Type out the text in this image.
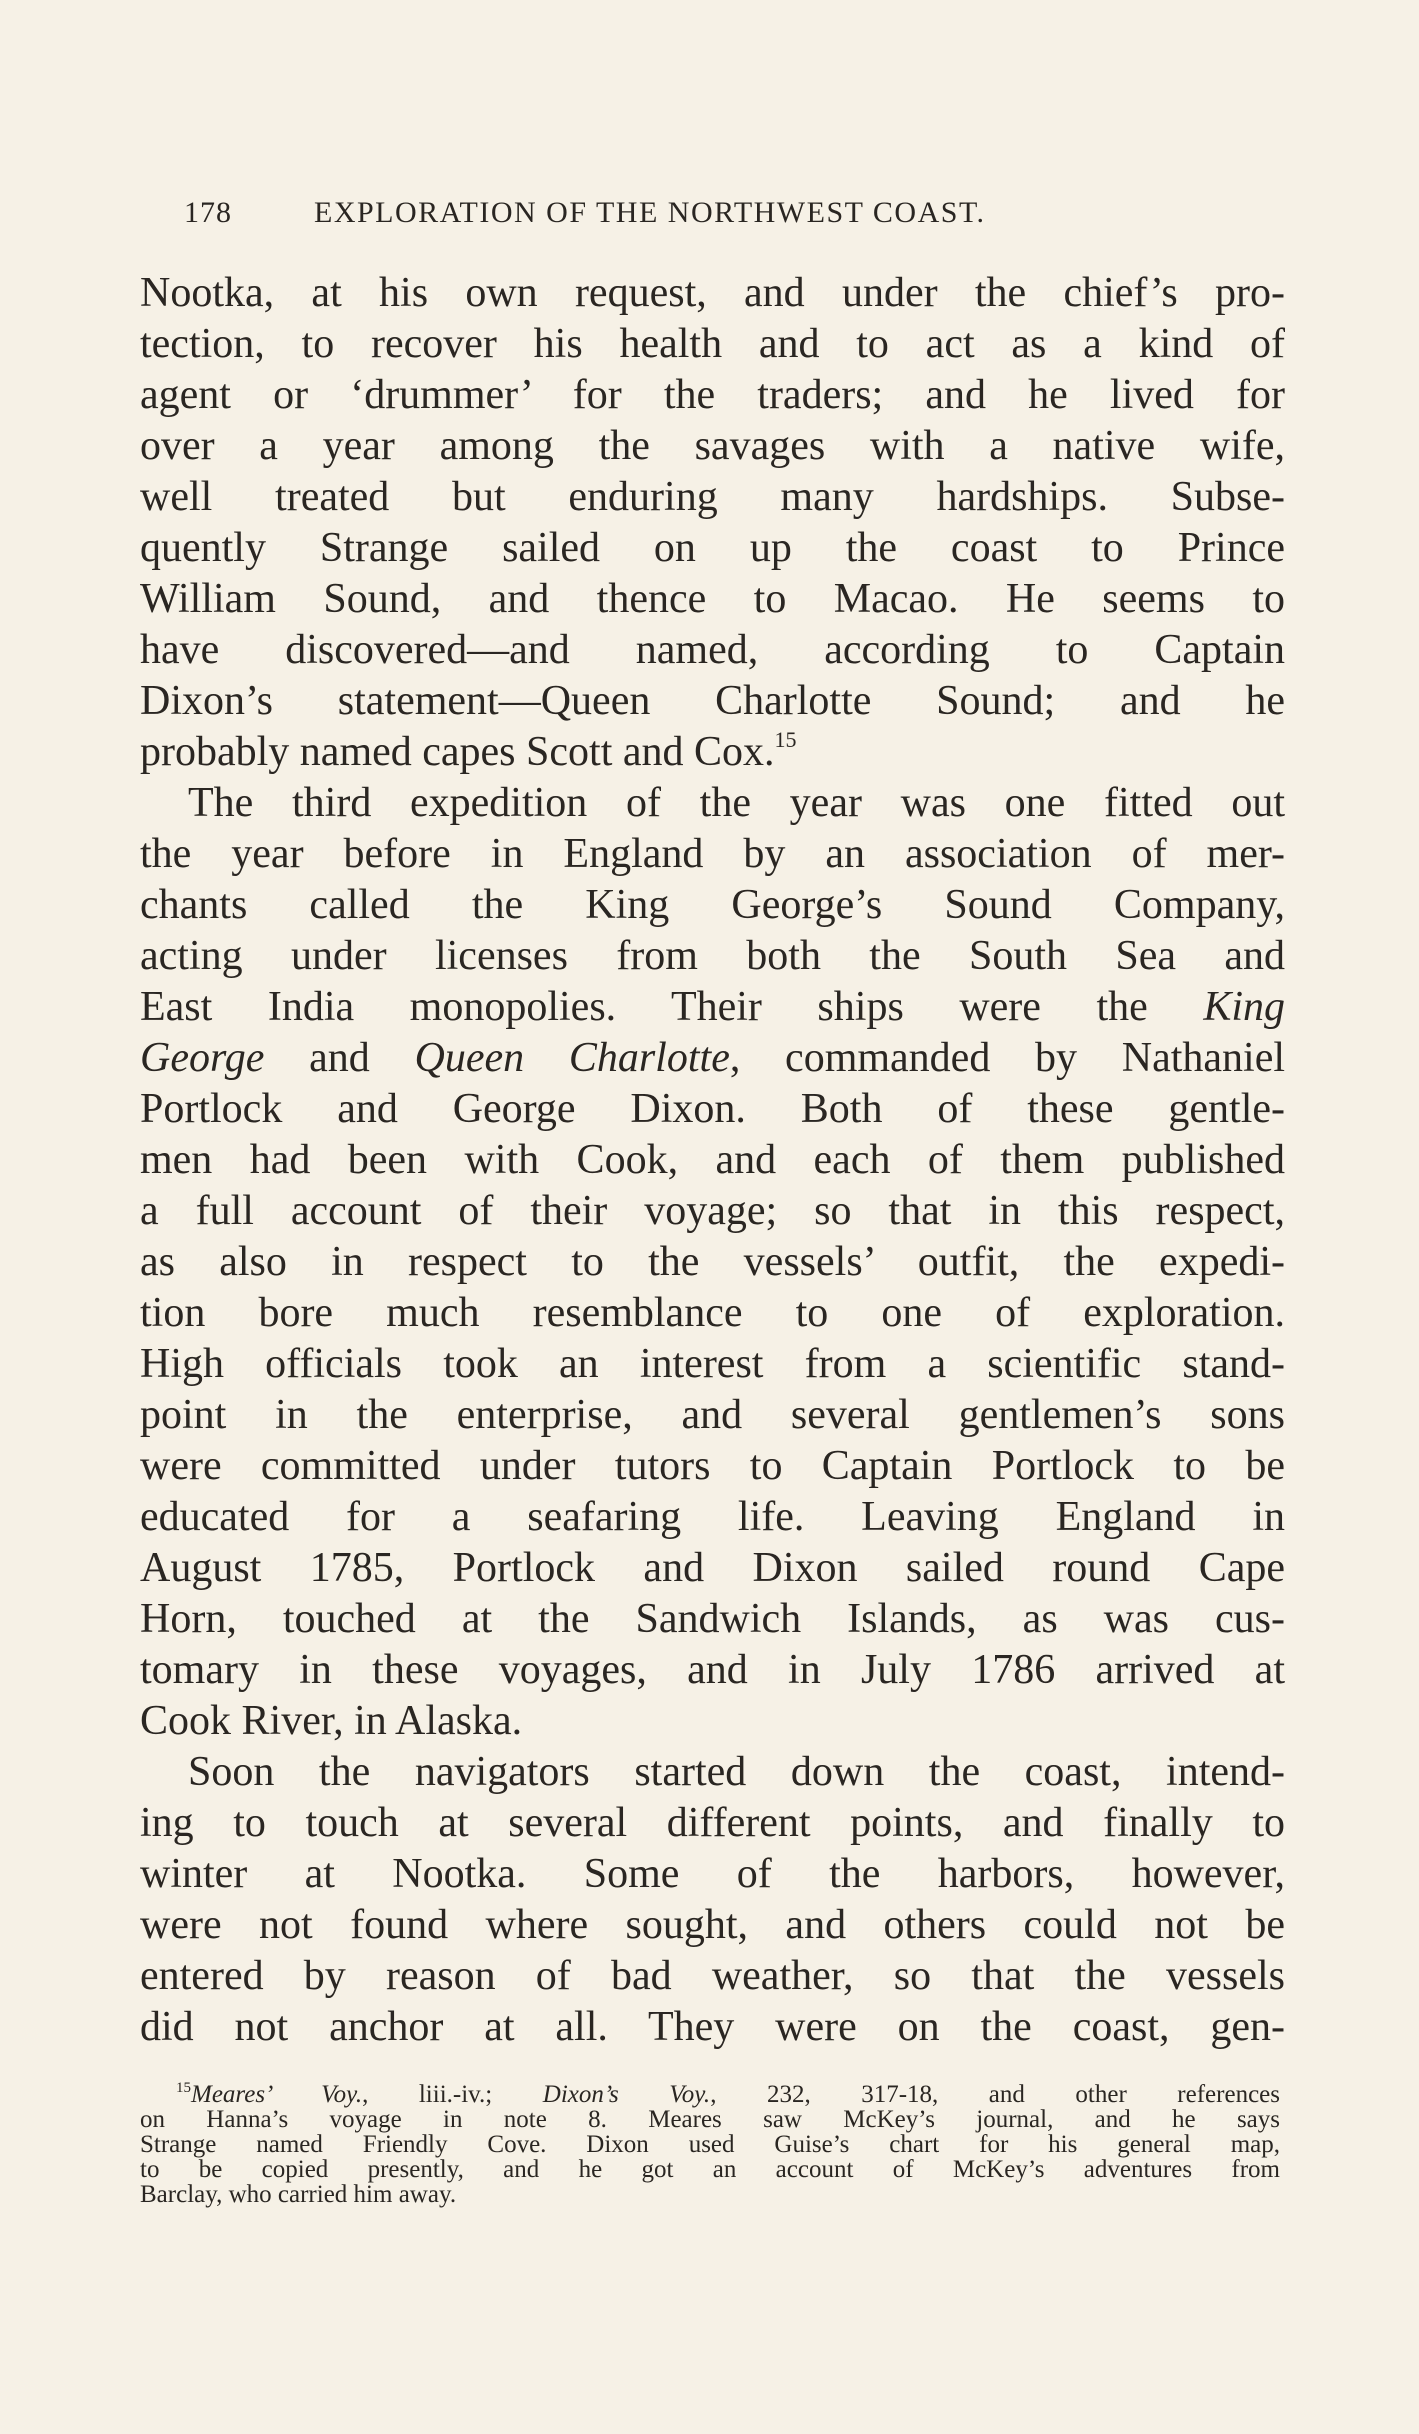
178	EXPLORATION OF THE NORTHWEST COAST.
Nootka, at his own request, and under the chief’s pro-
tection, to recover his health and to act as a kind of
agent or ‘drummer’ for the traders; and he lived for
over a year among the savages with a native wife,
well treated but enduring many hardships. Subse-
quently Strange sailed on up the coast to Prince
William Sound, and thence to Macao. He seems to
have discovered—and named, according to Captain
Dixon’s statement—Queen Charlotte Sound; and he
probably named capes Scott and Cox.$^{15}$
The third expedition of the year was one fitted out
the year before in England by an association of mer-
chants called the King George’s Sound Company,
acting under licenses from both the South Sea and
East India monopolies. Their ships were the King
George and Queen Charlotte, commanded by Nathaniel
Portlock and George Dixon. Both of these gentle-
men had been with Cook, and each of them published
a full account of their voyage; so that in this respect,
as also in respect to the vessels’ outfit, the expedi-
tion bore much resemblance to one of exploration.
High officials took an interest from a scientific stand-
point in the enterprise, and several gentlemen’s sons
were committed under tutors to Captain Portlock to be
educated for a seafaring life. Leaving England in
August 1785, Portlock and Dixon sailed round Cape
Horn, touched at the Sandwich Islands, as was cus-
tomary in these voyages, and in July 1786 arrived at
Cook River, in Alaska.
Soon the navigators started down the coast, intend-
ing to touch at several different points, and finally to
winter at Nootka. Some of the harbors, however,
were not found where sought, and others could not be
entered by reason of bad weather, so that the vessels
did not anchor at all. They were on the coast, gen-
$^{15}$Meares’ Voy., liii.-iv.; Dixon’s Voy., 232, 317-18, and other references
on Hanna’s voyage in note 8. Meares saw McKey’s journal, and he says
Strange named Friendly Cove. Dixon used Guise’s chart for his general map,
to be copied presently, and he got an account of McKey’s adventures from
Barclay, who carried him away.
